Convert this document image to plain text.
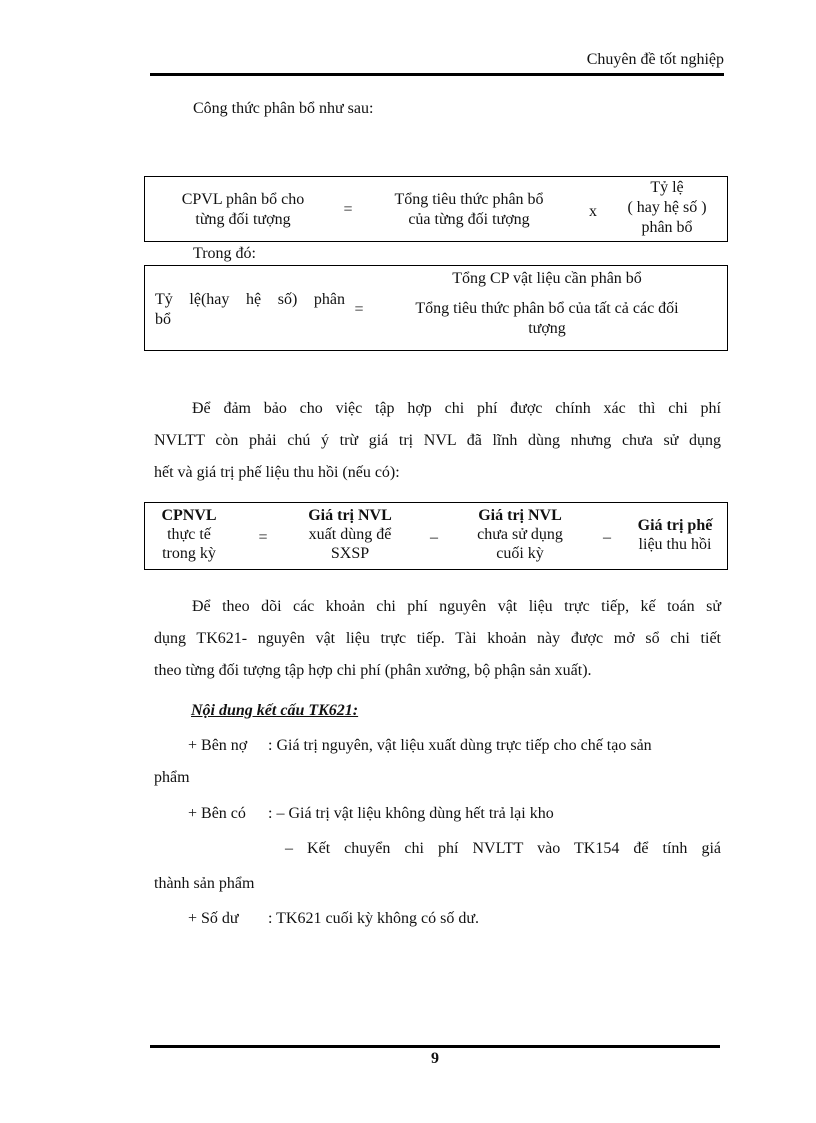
Chuyên đề tốt nghiệp
Công thức phân bổ như sau:
CPVL phân bổ cho
từng đối tượng
=
Tổng tiêu thức phân bổ
của từng đối tượng	x
Tỷ lệ
( hay hệ số )
phân bổ
Trong đó:
Tỷ lệ(hay hệ số) phân
bổ
=
Tổng CP vật liệu cần phân bổ
Tổng tiêu thức phân bổ của tất cả các đối
tượng
Để đảm bảo cho việc tập hợp chi phí được chính xác thì chi phí
NVLTT còn phải chú ý trừ giá trị NVL đã lĩnh dùng nhưng chưa sử dụng
hết và giá trị phế liệu thu hồi (nếu có):
CPNVL
thực tế
trong kỳ
=
Giá trị NVL
xuất dùng để
SXSP
–
Giá trị NVL
chưa sử dụng
cuối kỳ
–
Giá trị phế
liệu thu hồi
Để theo dõi các khoản chi phí nguyên vật liệu trực tiếp, kế toán sử
dụng TK621- nguyên vật liệu trực tiếp. Tài khoản này được mở sổ chi tiết
theo từng đối tượng tập hợp chi phí (phân xưởng, bộ phận sản xuất).
Nội dung kết cấu TK621:
+ Bên nợ : Giá trị nguyên, vật liệu xuất dùng trực tiếp cho chế tạo sản
phẩm
+ Bên có : – Giá trị vật liệu không dùng hết trả lại kho
– Kết chuyển chi phí NVLTT vào TK154 để tính giá
thành sản phẩm
+ Số dư : TK621 cuối kỳ không có số dư.
9
